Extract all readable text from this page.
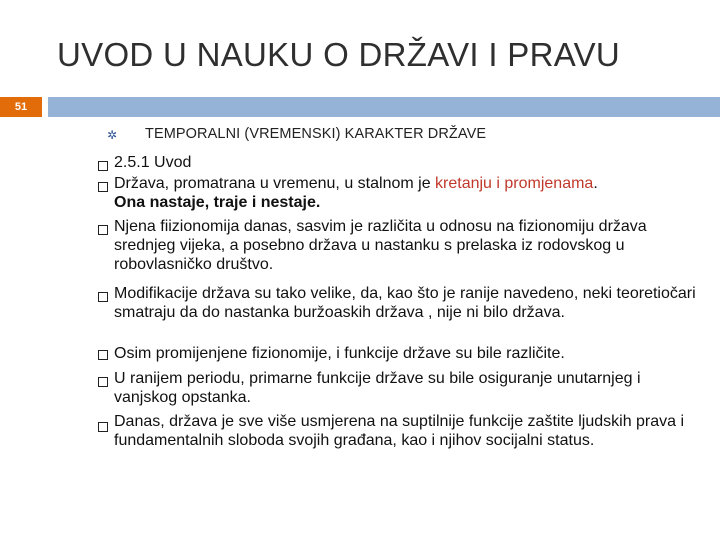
UVOD U NAUKU O DRŽAVI I PRAVU
51
✲ TEMPORALNI (VREMENSKI) KARAKTER DRŽAVE
2.5.1 Uvod
Država, promatrana u vremenu, u stalnom je kretanju i promjenama.
Ona nastaje, traje i nestaje.
Njena fiizionomija danas, sasvim je različita u odnosu na fizionomiju država srednjeg vijeka, a posebno država u nastanku s prelaska iz rodovskog u robovlasničko društvo.
Modifikacije država su tako velike, da, kao što je ranije navedeno, neki teoretiočari smatraju da do nastanka buržoaskih država , nije ni bilo država.
Osim promijenjene fizionomije, i funkcije države su bile različite.
U ranijem periodu, primarne funkcije države su bile osiguranje unutarnjeg i vanjskog opstanka.
Danas, država je sve više usmjerena na suptilnije funkcije zaštite ljudskih prava i fundamentalnih sloboda svojih građana, kao i njihov socijalni status.
